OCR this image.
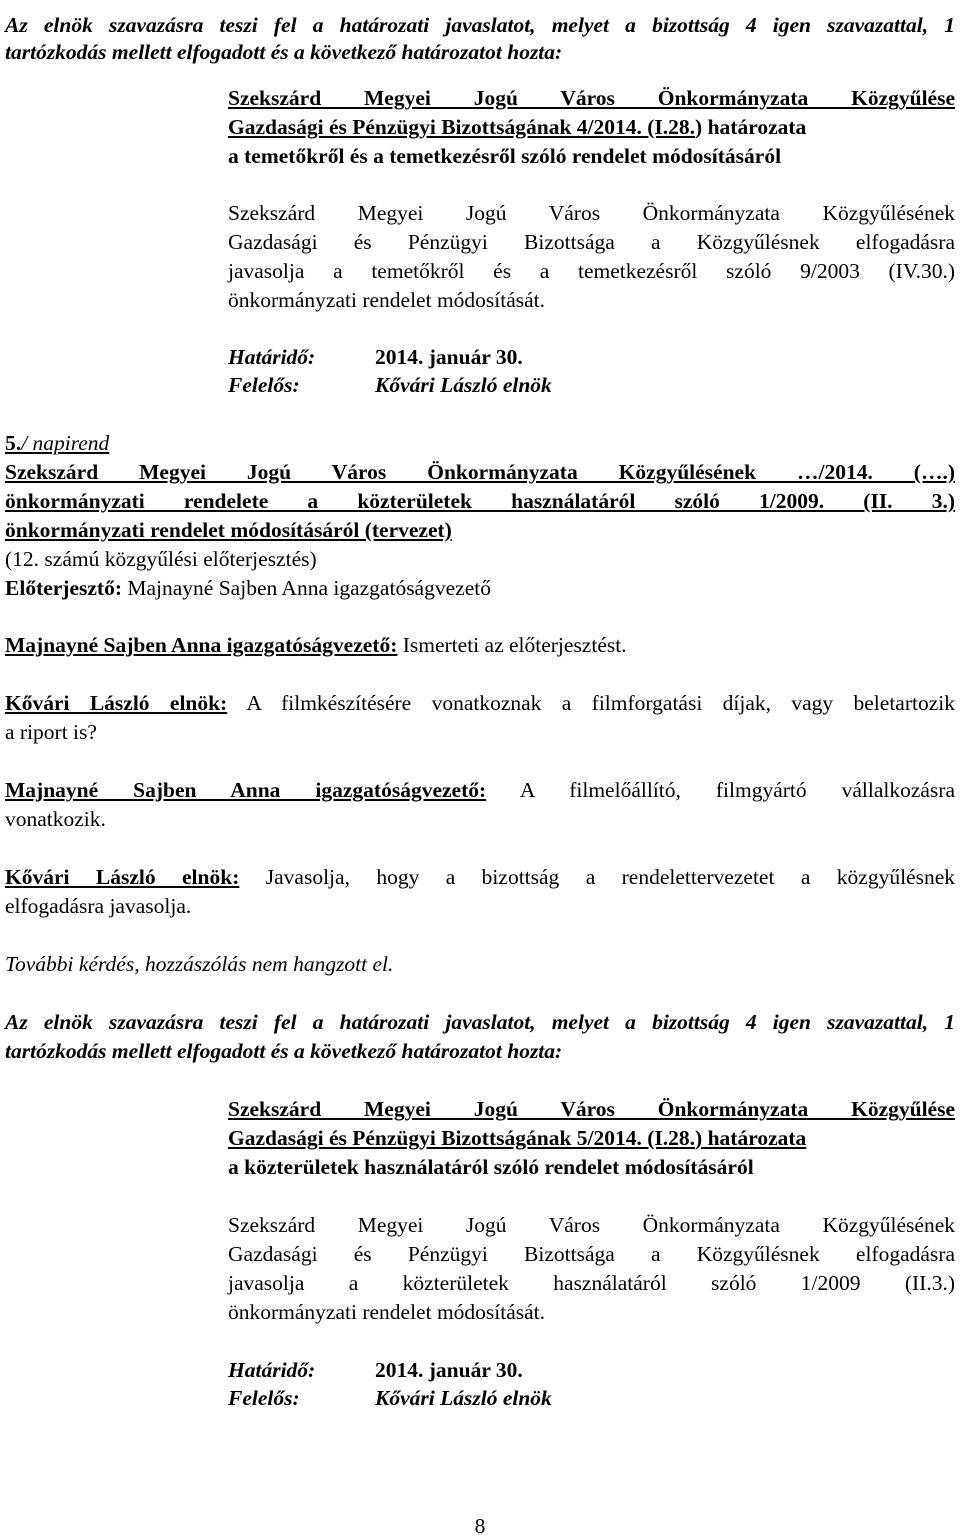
Az elnök szavazásra teszi fel a határozati javaslatot, melyet a bizottság 4 igen szavazattal, 1
tartózkodás mellett elfogadott és a következő határozatot hozta:
Szekszárd Megyei Jogú Város Önkormányzata Közgyűlése
Gazdasági és Pénzügyi Bizottságának 4/2014. (I.28.) határozata
a temetőkről és a temetkezésről szóló rendelet módosításáról
Szekszárd Megyei Jogú Város Önkormányzata Közgyűlésének
Gazdasági és Pénzügyi Bizottsága a Közgyűlésnek elfogadásra
javasolja a temetőkről és a temetkezésről szóló 9/2003 (IV.30.)
önkormányzati rendelet módosítását.
Határidő:	2014. január 30.
Felelős:	Kővári László elnök
5./ napirend
Szekszárd Megyei Jogú Város Önkormányzata Közgyűlésének …/2014. (….)
önkormányzati rendelete a közterületek használatáról szóló 1/2009. (II. 3.)
önkormányzati rendelet módosításáról (tervezet)
(12. számú közgyűlési előterjesztés)
Előterjesztő: Majnayné Sajben Anna igazgatóságvezető
Majnayné Sajben Anna igazgatóságvezető: Ismerteti az előterjesztést.
Kővári László elnök: A filmkészítésére vonatkoznak a filmforgatási díjak, vagy beletartozik
a riport is?
Majnayné Sajben Anna igazgatóságvezető: A filmelőállító, filmgyártó vállalkozásra
vonatkozik.
Kővári László elnök: Javasolja, hogy a bizottság a rendelettervezetet a közgyűlésnek
elfogadásra javasolja.
További kérdés, hozzászólás nem hangzott el.
Az elnök szavazásra teszi fel a határozati javaslatot, melyet a bizottság 4 igen szavazattal, 1
tartózkodás mellett elfogadott és a következő határozatot hozta:
Szekszárd Megyei Jogú Város Önkormányzata Közgyűlése
Gazdasági és Pénzügyi Bizottságának 5/2014. (I.28.) határozata
a közterületek használatáról szóló rendelet módosításáról
Szekszárd Megyei Jogú Város Önkormányzata Közgyűlésének
Gazdasági és Pénzügyi Bizottsága a Közgyűlésnek elfogadásra
javasolja a közterületek használatáról szóló 1/2009 (II.3.)
önkormányzati rendelet módosítását.
Határidő:	2014. január 30.
Felelős:	Kővári László elnök
8
